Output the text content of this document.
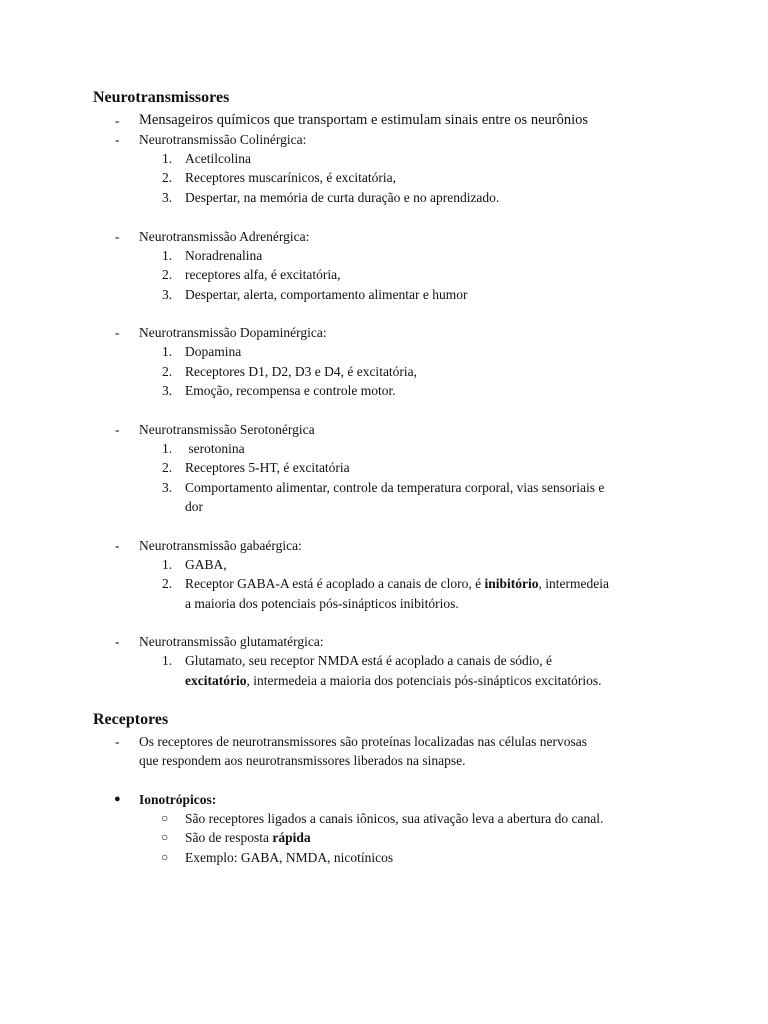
Neurotransmissores
- Mensageiros químicos que transportam e estimulam sinais entre os neurônios
- Neurotransmissão Colinérgica:
1. Acetilcolina
2. Receptores muscarínicos, é excitatória,
3. Despertar, na memória de curta duração e no aprendizado.
- Neurotransmissão Adrenérgica:
1. Noradrenalina
2. receptores alfa, é excitatória,
3. Despertar, alerta, comportamento alimentar e humor
- Neurotransmissão Dopaminérgica:
1. Dopamina
2. Receptores D1, D2, D3 e D4, é excitatória,
3. Emoção, recompensa e controle motor.
- Neurotransmissão Serotonérgica
1. serotonina
2. Receptores 5-HT, é excitatória
3. Comportamento alimentar, controle da temperatura corporal, vias sensoriais e
dor
- Neurotransmissão gabaérgica:
1. GABA,
2. Receptor GABA-A está é acoplado a canais de cloro, é inibitório, intermedeia
a maioria dos potenciais pós-sinápticos inibitórios.
- Neurotransmissão glutamatérgica:
1. Glutamato, seu receptor NMDA está é acoplado a canais de sódio, é
excitatório, intermedeia a maioria dos potenciais pós-sinápticos excitatórios.
Receptores
- Os receptores de neurotransmissores são proteínas localizadas nas células nervosas
que respondem aos neurotransmissores liberados na sinapse.
● Ionotrópicos:
○ São receptores ligados a canais iônicos, sua ativação leva a abertura do canal.
○ São de resposta rápida
○ Exemplo: GABA, NMDA, nicotínicos
